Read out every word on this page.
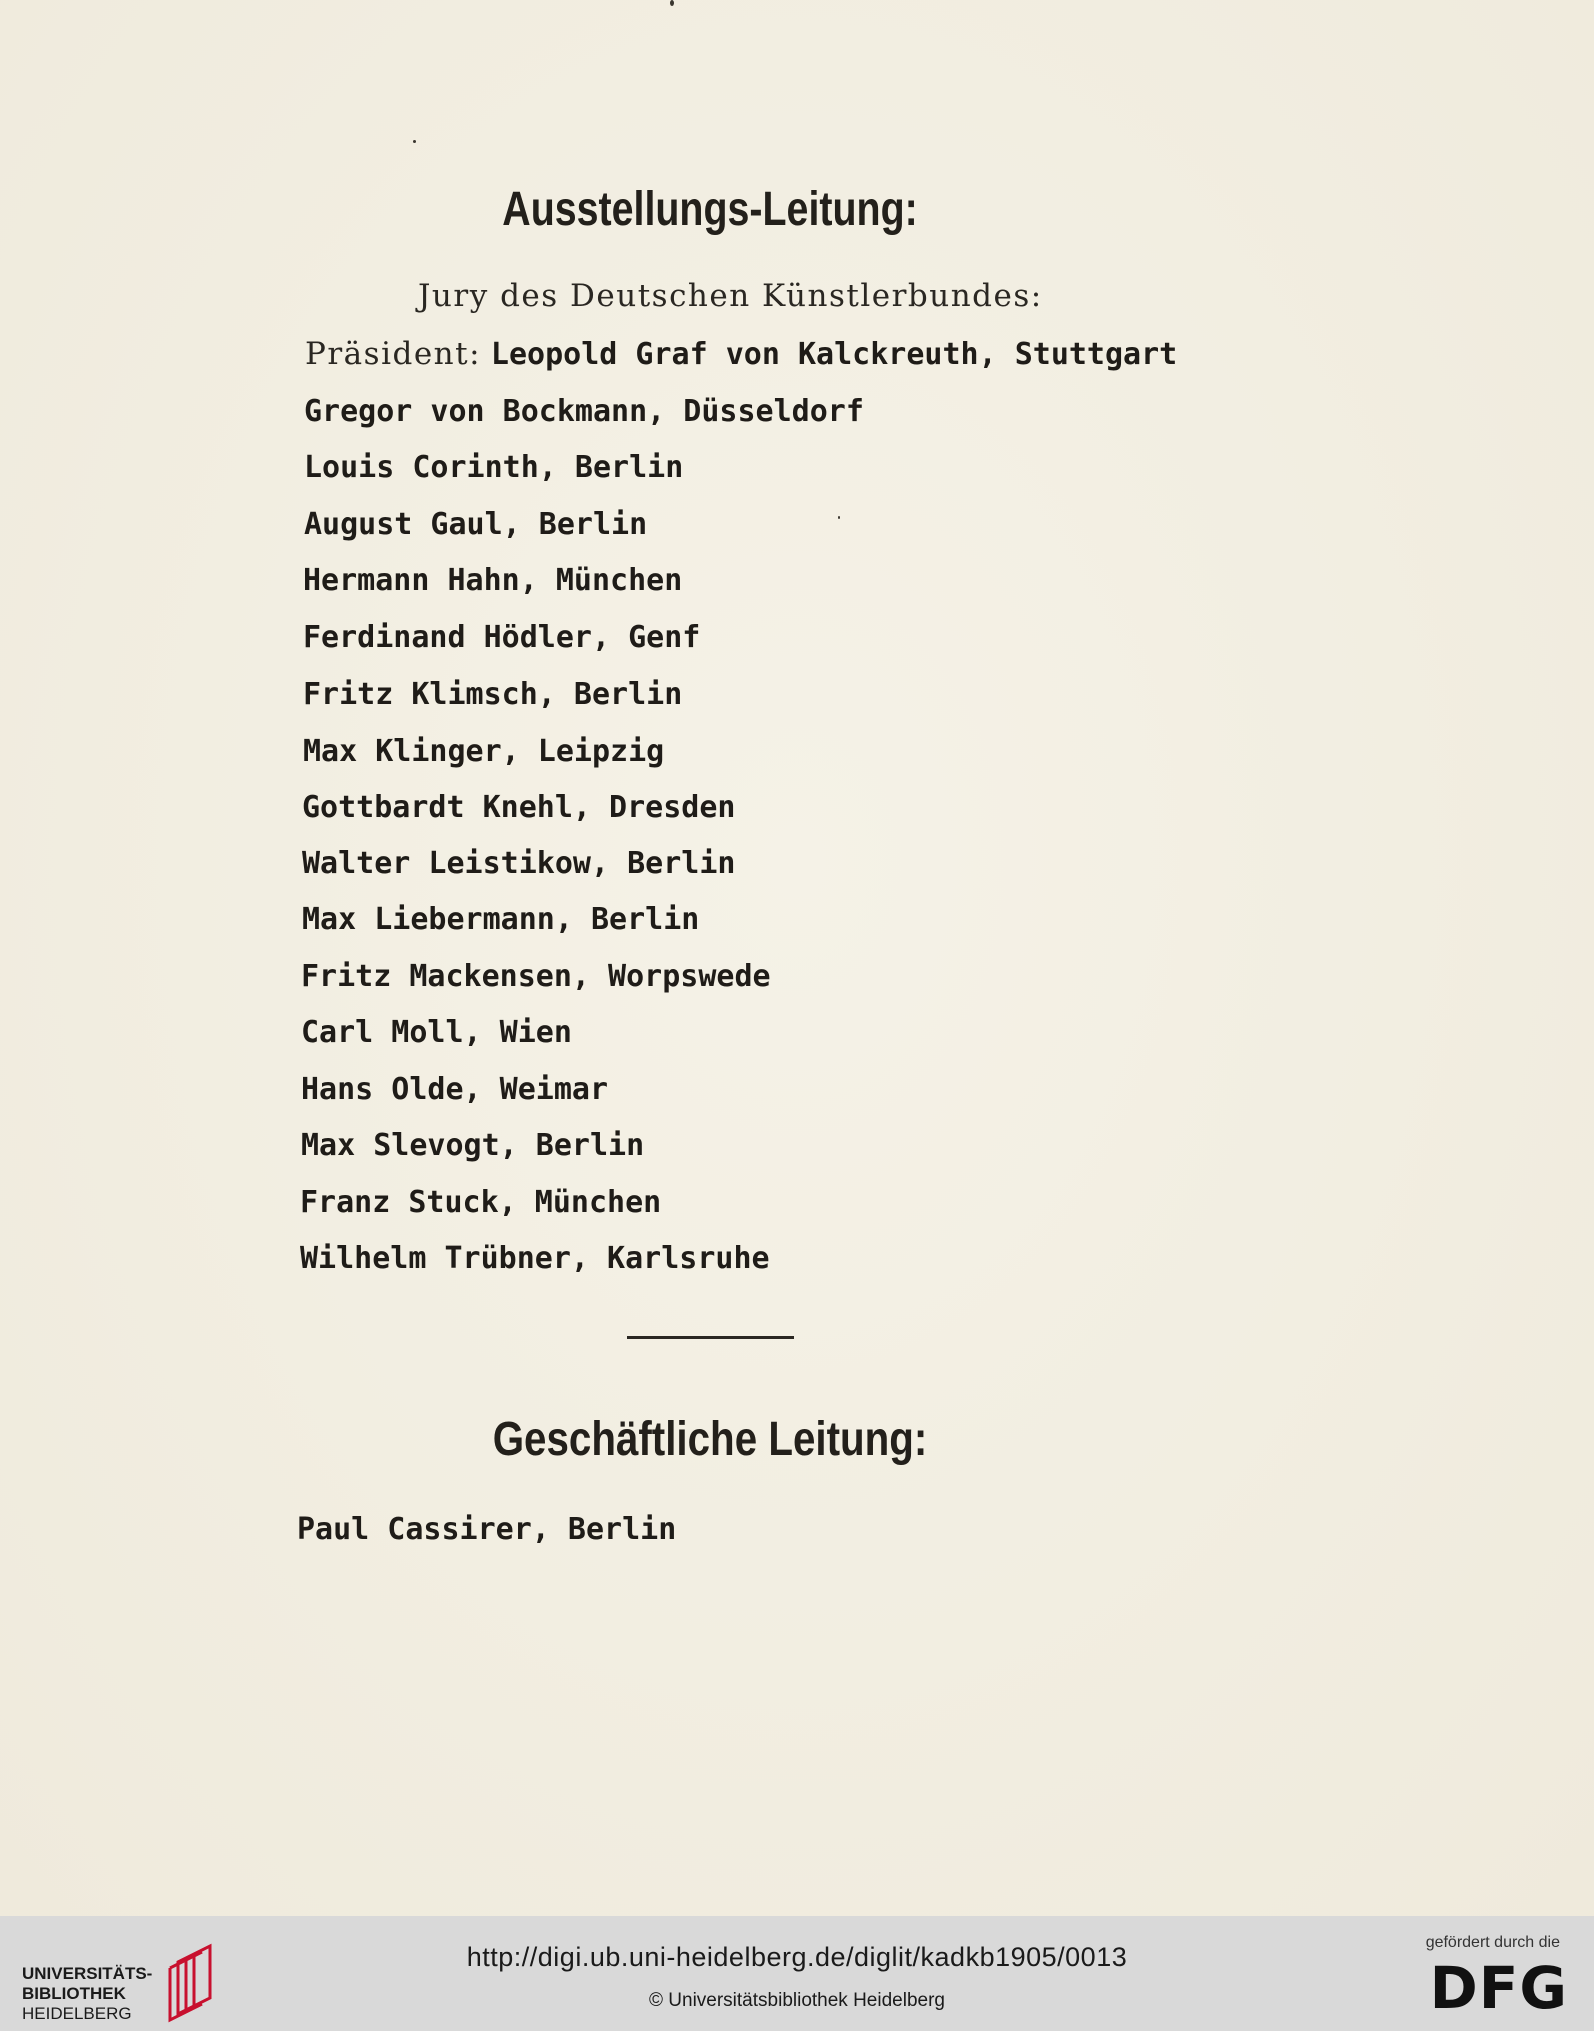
Ausstellungs-Leitung:
Jury des Deutschen Künstlerbundes:
Präsident: Leopold Graf von Kalckreuth, Stuttgart
Gregor von Bockmann, Düsseldorf
Louis Corinth, Berlin
August Gaul, Berlin
Hermann Hahn, München
Ferdinand Hödler, Genf
Fritz Klimsch, Berlin
Max Klinger, Leipzig
Gottbardt Knehl, Dresden
Walter Leistikow, Berlin
Max Liebermann, Berlin
Fritz Mackensen, Worpswede
Carl Moll, Wien
Hans Olde, Weimar
Max Slevogt, Berlin
Franz Stuck, München
Wilhelm Trübner, Karlsruhe
Geschäftliche Leitung:
Paul Cassirer, Berlin
UNIVERSITÄTS-
BIBLIOTHEK
HEIDELBERG
http://digi.ub.uni-heidelberg.de/diglit/kadkb1905/0013
© Universitätsbibliothek Heidelberg
gefördert durch die
DFG
